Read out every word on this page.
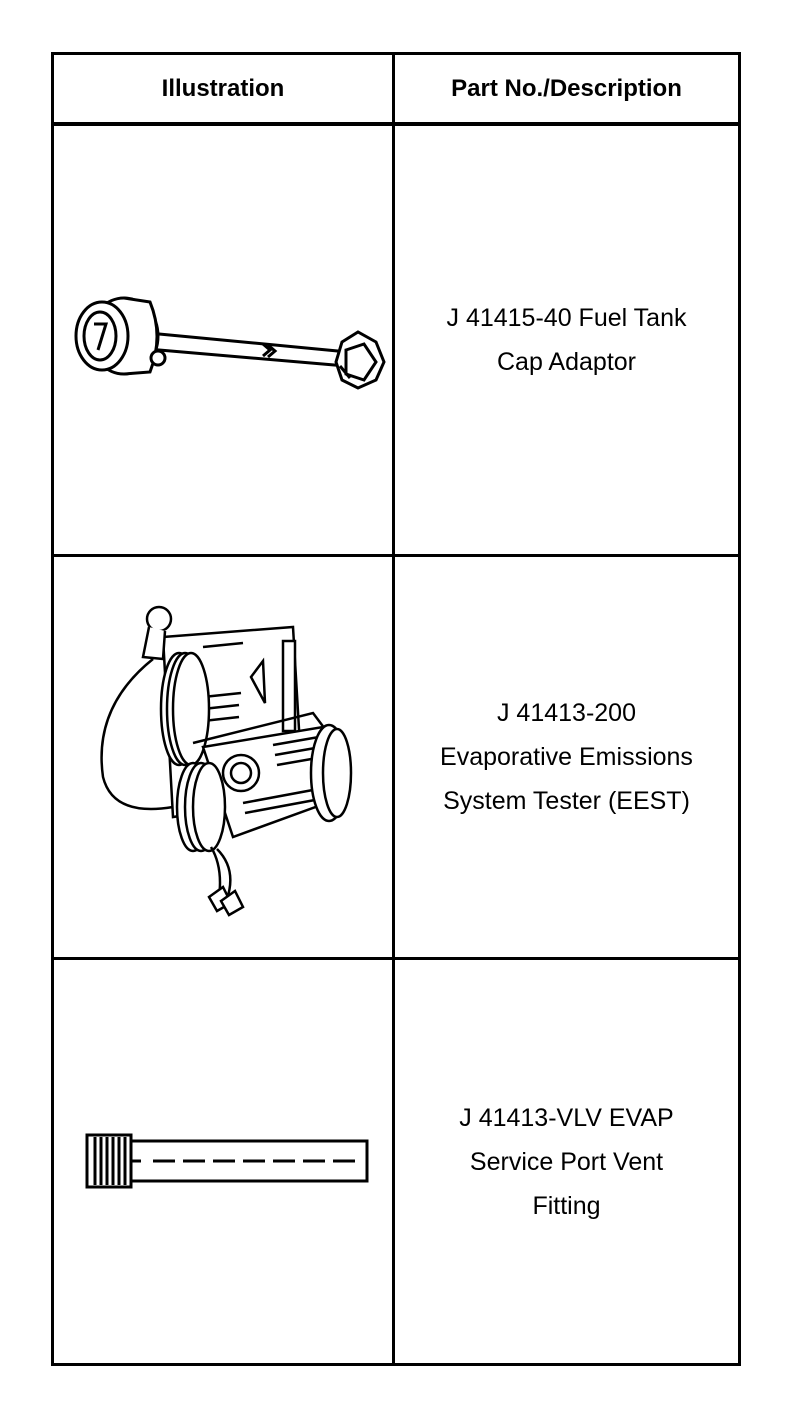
Illustration	Part No./Description

J 41415-40 Fuel Tank
Cap Adaptor

J 41413-200
Evaporative Emissions
System Tester (EEST)

J 41413-VLV EVAP
Service Port Vent
Fitting
